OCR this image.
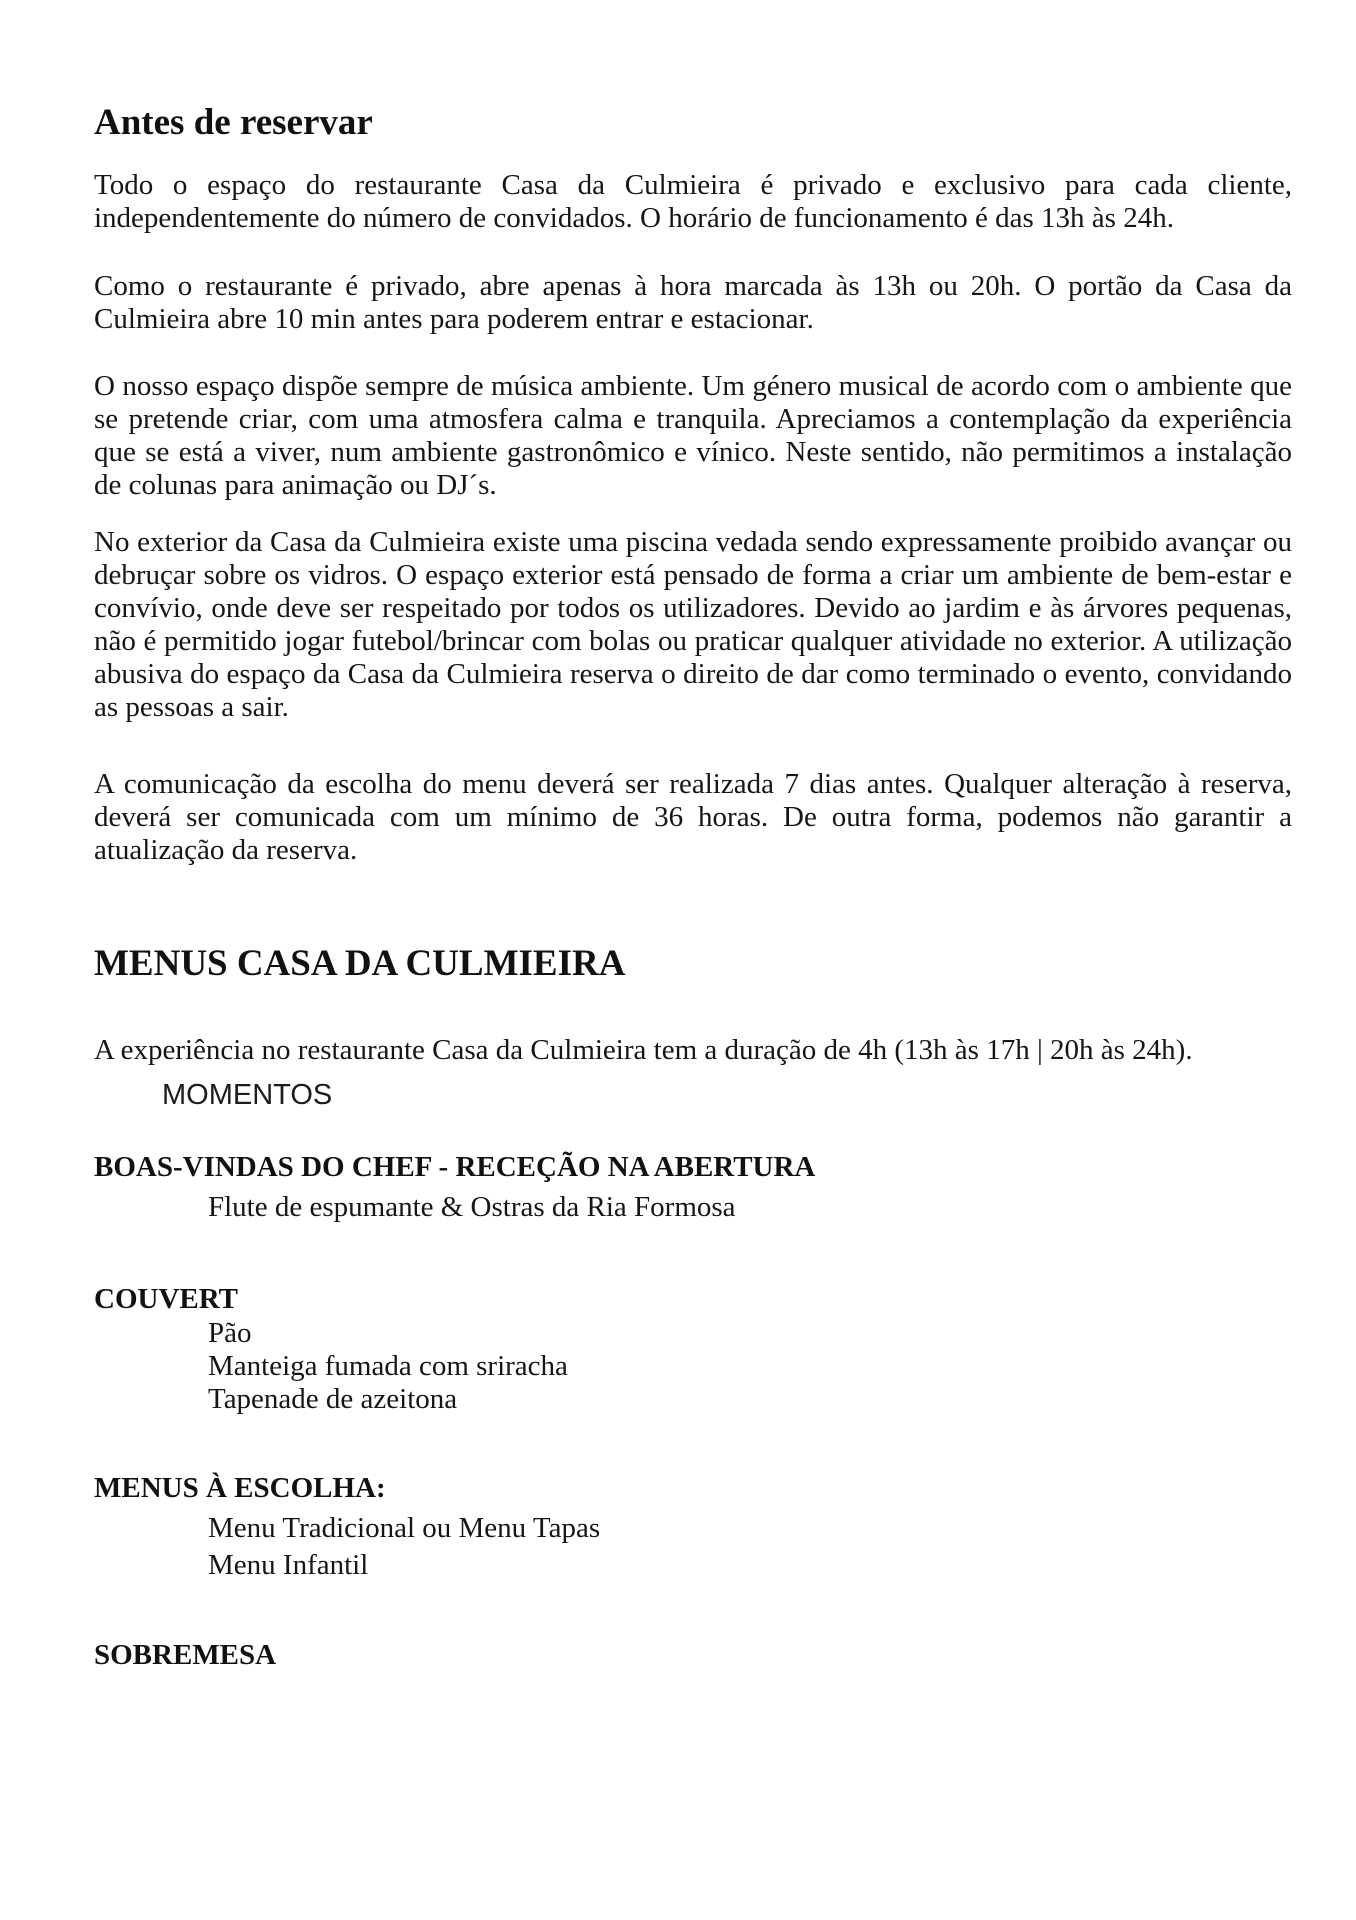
Antes de reservar
Todo o espaço do restaurante Casa da Culmieira é privado e exclusivo para cada cliente, independentemente do número de convidados. O horário de funcionamento é das 13h às 24h.
Como o restaurante é privado, abre apenas à hora marcada às 13h ou 20h. O portão da Casa da Culmieira abre 10 min antes para poderem entrar e estacionar.
O nosso espaço dispõe sempre de música ambiente. Um género musical de acordo com o ambiente que se pretende criar, com uma atmosfera calma e tranquila. Apreciamos a contemplação da experiência que se está a viver, num ambiente gastronômico e vínico. Neste sentido, não permitimos a instalação de colunas para animação ou DJ´s.
No exterior da Casa da Culmieira existe uma piscina vedada sendo expressamente proibido avançar ou debruçar sobre os vidros. O espaço exterior está pensado de forma a criar um ambiente de bem-estar e convívio, onde deve ser respeitado por todos os utilizadores. Devido ao jardim e às árvores pequenas, não é permitido jogar futebol/brincar com bolas ou praticar qualquer atividade no exterior. A utilização abusiva do espaço da Casa da Culmieira reserva o direito de dar como terminado o evento, convidando as pessoas a sair.
A comunicação da escolha do menu deverá ser realizada 7 dias antes. Qualquer alteração à reserva, deverá ser comunicada com um mínimo de 36 horas. De outra forma, podemos não garantir a atualização da reserva.
MENUS CASA DA CULMIEIRA
A experiência no restaurante Casa da Culmieira tem a duração de 4h (13h às 17h | 20h às 24h).
MOMENTOS
BOAS-VINDAS DO CHEF - RECEÇÃO NA ABERTURA
Flute de espumante & Ostras da Ria Formosa
COUVERT
Pão
Manteiga fumada com sriracha
Tapenade de azeitona
MENUS À ESCOLHA:
Menu Tradicional ou Menu Tapas
Menu Infantil
SOBREMESA
